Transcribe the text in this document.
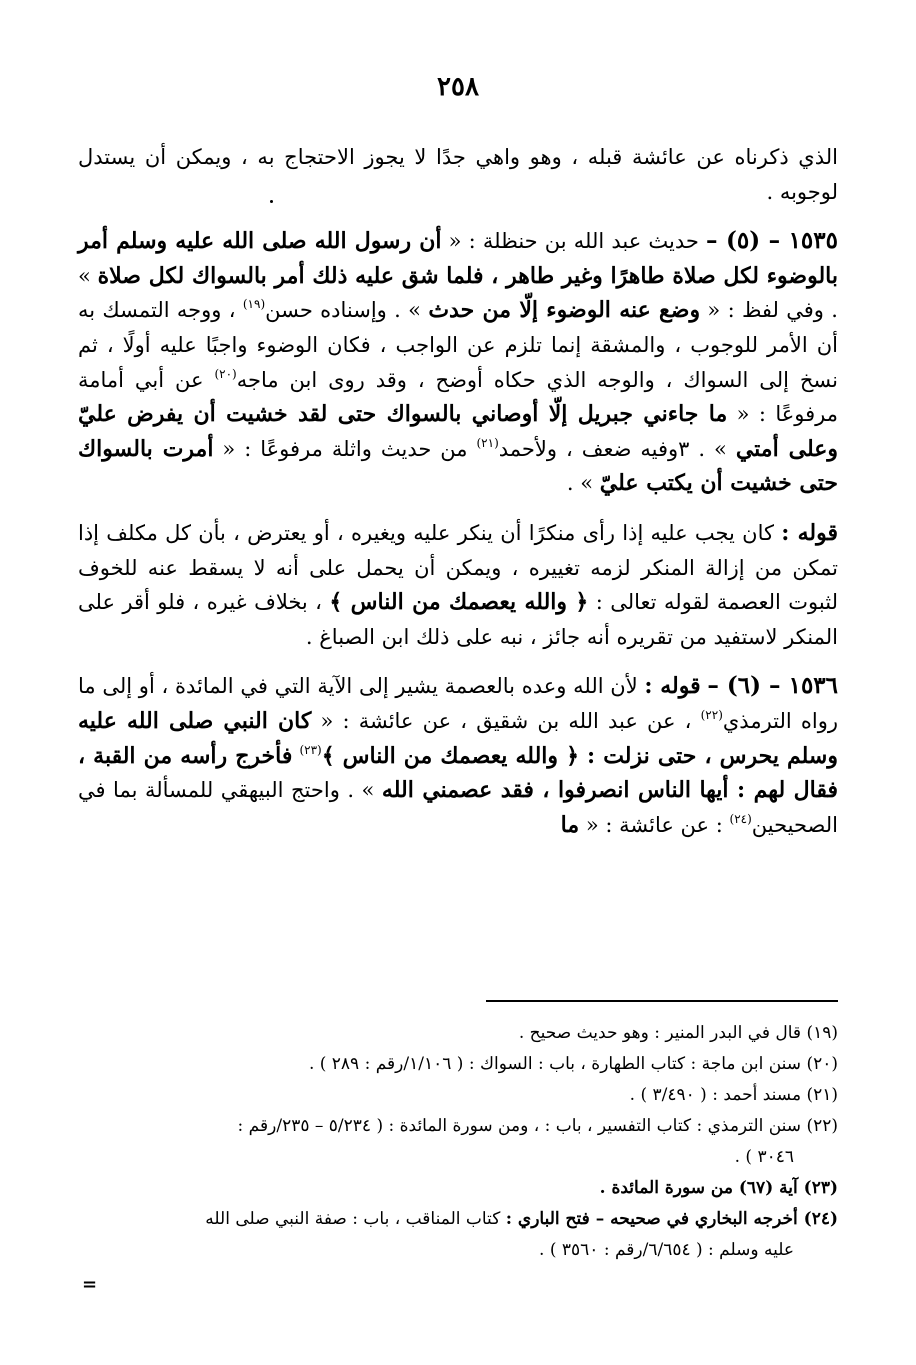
٢٥٨

الذي ذكرناه عن عائشة قبله ، وهو واهي جدًا لا يجوز الاحتجاج به ، ويمكن أن يستدل لوجوبه .

١٥٣٥ – (٥) – حديث عبد الله بن حنظلة : « أن رسول الله صلى الله عليه وسلم أمر بالوضوء لكل صلاة طاهرًا وغير طاهر ، فلما شق عليه ذلك أمر بالسواك لكل صلاة » . وفي لفظ : « وضع عنه الوضوء إلّا من حدث » . وإسناده حسن$^{(١٩)}$ ، ووجه التمسك به أن الأمر للوجوب ، والمشقة إنما تلزم عن الواجب ، فكان الوضوء واجبًا عليه أولًا ، ثم نسخ إلى السواك ، والوجه الذي حكاه أوضح ، وقد روى ابن ماجه$^{(٢٠)}$ عن أبي أمامة مرفوعًا : « ما جاءني جبريل إلّا أوصاني بالسواك حتى لقد خشيت أن يفرض عليّ وعلى أمتي » . ٣وفيه ضعف ، ولأحمد$^{(٢١)}$ من حديث واثلة مرفوعًا : « أمرت بالسواك حتى خشيت أن يكتب عليّ » .

قوله : كان يجب عليه إذا رأى منكرًا أن ينكر عليه ويغيره ، أو يعترض ، بأن كل مكلف إذا تمكن من إزالة المنكر لزمه تغييره ، ويمكن أن يحمل على أنه لا يسقط عنه للخوف لثبوت العصمة لقوله تعالى : ﴿ والله يعصمك من الناس ﴾ ، بخلاف غيره ، فلو أقر على المنكر لاستفيد من تقريره أنه جائز ، نبه على ذلك ابن الصباغ .

١٥٣٦ – (٦) – قوله : لأن الله وعده بالعصمة يشير إلى الآية التي في المائدة ، أو إلى ما رواه الترمذي$^{(٢٢)}$ ، عن عبد الله بن شقيق ، عن عائشة : « كان النبي صلى الله عليه وسلم يحرس ، حتى نزلت : ﴿ والله يعصمك من الناس ﴾$^{(٢٣)}$ فأخرج رأسه من القبة ، فقال لهم : أيها الناس انصرفوا ، فقد عصمني الله » . واحتج البيهقي للمسألة بما في الصحيحين$^{(٢٤)}$ : عن عائشة : « ما

(١٩) قال في البدر المنير : وهو حديث صحيح .

(٢٠) سنن ابن ماجة : كتاب الطهارة ، باب : السواك : ( ١/١٠٦/رقم : ٢٨٩ ) .

(٢١) مسند أحمد : ( ٣/٤٩٠ ) .

(٢٢) سنن الترمذي : كتاب التفسير ، باب : ، ومن سورة المائدة : ( ٥/٢٣٤ – ٢٣٥/رقم :
٣٠٤٦ ) .

(٢٣) آية (٦٧) من سورة المائدة .

(٢٤) أخرجه البخاري في صحيحه – فتح الباري : كتاب المناقب ، باب : صفة النبي صلى الله
عليه وسلم : ( ٦/٦٥٤/رقم : ٣٥٦٠ ) .

=
